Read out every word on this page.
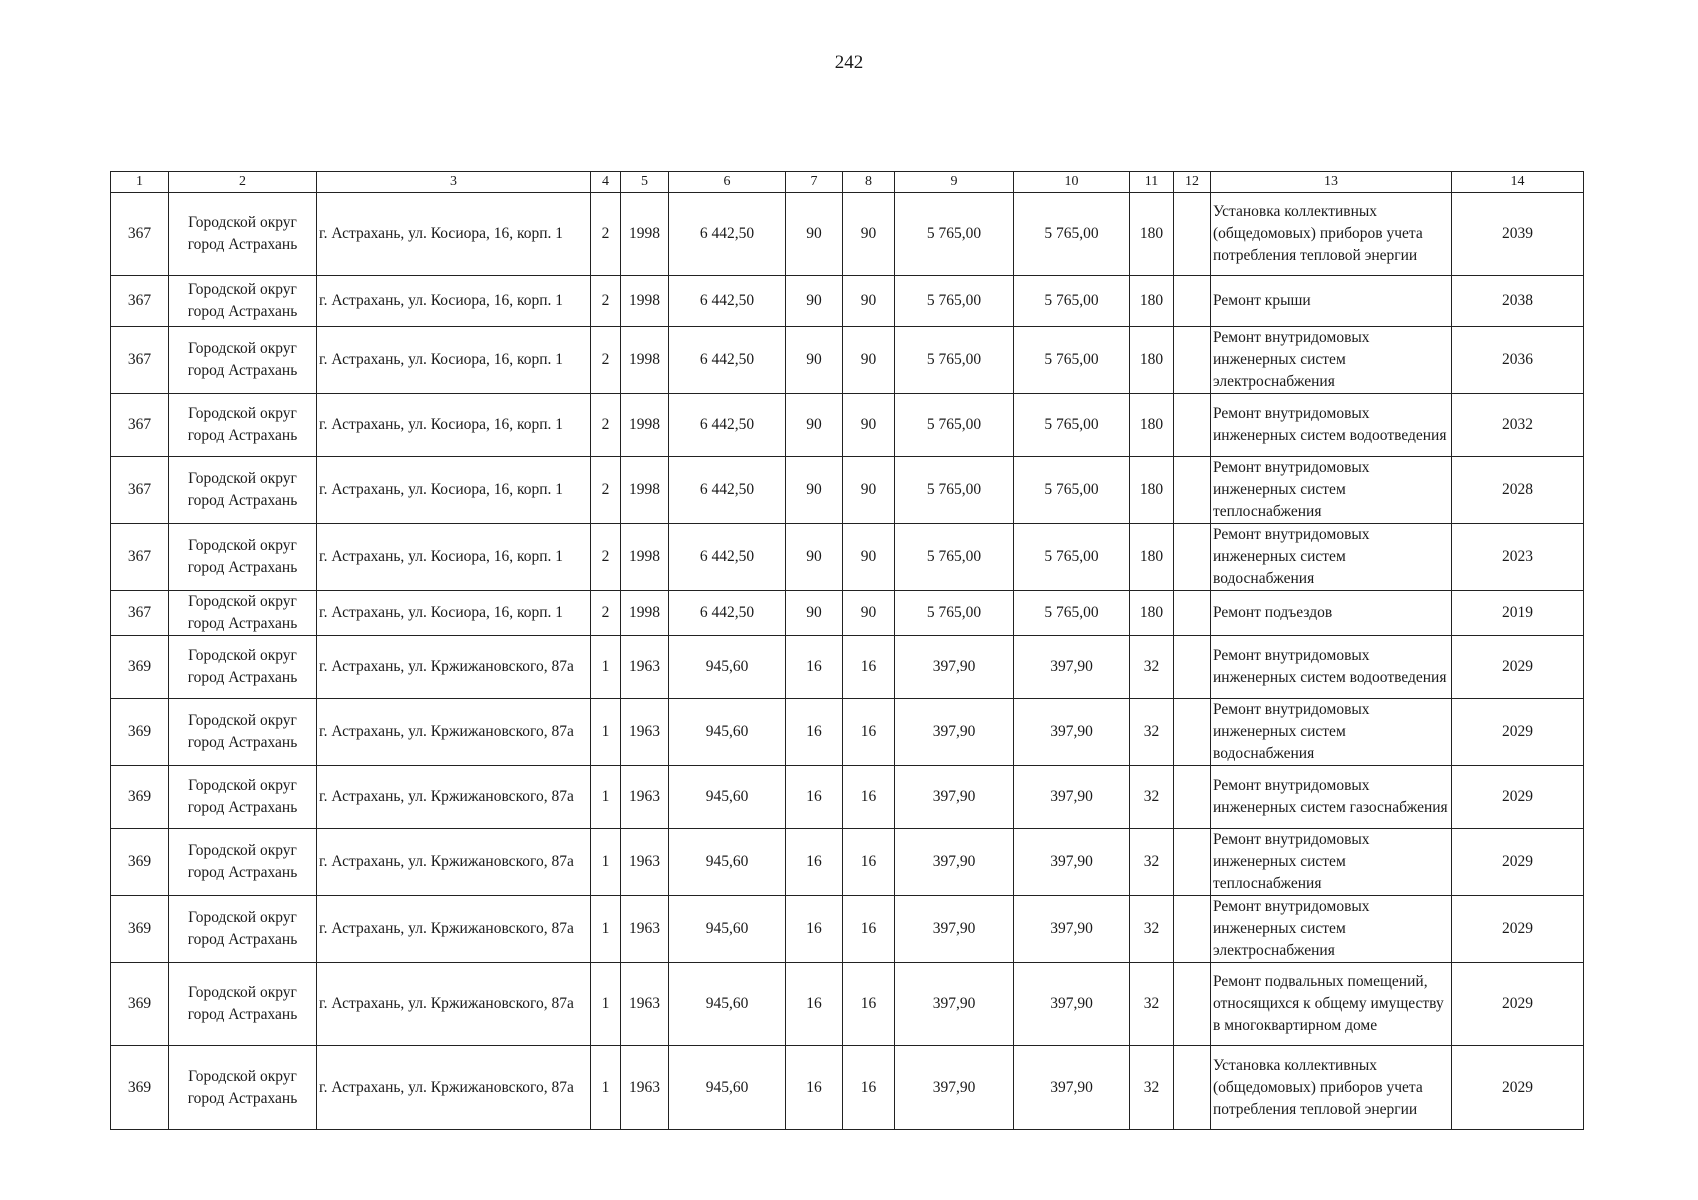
242
1	2	3	4	5	6	7	8	9	10	11	12	13	14
367	Городской округ город Астрахань	г. Астрахань, ул. Косиора, 16, корп. 1	2	1998	6 442,50	90	90	5 765,00	5 765,00	180		Установка коллективных (общедомовых) приборов учета потребления тепловой энергии	2039
367	Городской округ город Астрахань	г. Астрахань, ул. Косиора, 16, корп. 1	2	1998	6 442,50	90	90	5 765,00	5 765,00	180		Ремонт крыши	2038
367	Городской округ город Астрахань	г. Астрахань, ул. Косиора, 16, корп. 1	2	1998	6 442,50	90	90	5 765,00	5 765,00	180		Ремонт внутридомовых инженерных систем электроснабжения	2036
367	Городской округ город Астрахань	г. Астрахань, ул. Косиора, 16, корп. 1	2	1998	6 442,50	90	90	5 765,00	5 765,00	180		Ремонт внутридомовых инженерных систем водоотведения	2032
367	Городской округ город Астрахань	г. Астрахань, ул. Косиора, 16, корп. 1	2	1998	6 442,50	90	90	5 765,00	5 765,00	180		Ремонт внутридомовых инженерных систем теплоснабжения	2028
367	Городской округ город Астрахань	г. Астрахань, ул. Косиора, 16, корп. 1	2	1998	6 442,50	90	90	5 765,00	5 765,00	180		Ремонт внутридомовых инженерных систем водоснабжения	2023
367	Городской округ город Астрахань	г. Астрахань, ул. Косиора, 16, корп. 1	2	1998	6 442,50	90	90	5 765,00	5 765,00	180		Ремонт подъездов	2019
369	Городской округ город Астрахань	г. Астрахань, ул. Кржижановского, 87а	1	1963	945,60	16	16	397,90	397,90	32		Ремонт внутридомовых инженерных систем водоотведения	2029
369	Городской округ город Астрахань	г. Астрахань, ул. Кржижановского, 87а	1	1963	945,60	16	16	397,90	397,90	32		Ремонт внутридомовых инженерных систем водоснабжения	2029
369	Городской округ город Астрахань	г. Астрахань, ул. Кржижановского, 87а	1	1963	945,60	16	16	397,90	397,90	32		Ремонт внутридомовых инженерных систем газоснабжения	2029
369	Городской округ город Астрахань	г. Астрахань, ул. Кржижановского, 87а	1	1963	945,60	16	16	397,90	397,90	32		Ремонт внутридомовых инженерных систем теплоснабжения	2029
369	Городской округ город Астрахань	г. Астрахань, ул. Кржижановского, 87а	1	1963	945,60	16	16	397,90	397,90	32		Ремонт внутридомовых инженерных систем электроснабжения	2029
369	Городской округ город Астрахань	г. Астрахань, ул. Кржижановского, 87а	1	1963	945,60	16	16	397,90	397,90	32		Ремонт подвальных помещений, относящихся к общему имуществу в многоквартирном доме	2029
369	Городской округ город Астрахань	г. Астрахань, ул. Кржижановского, 87а	1	1963	945,60	16	16	397,90	397,90	32		Установка коллективных (общедомовых) приборов учета потребления тепловой энергии	2029
